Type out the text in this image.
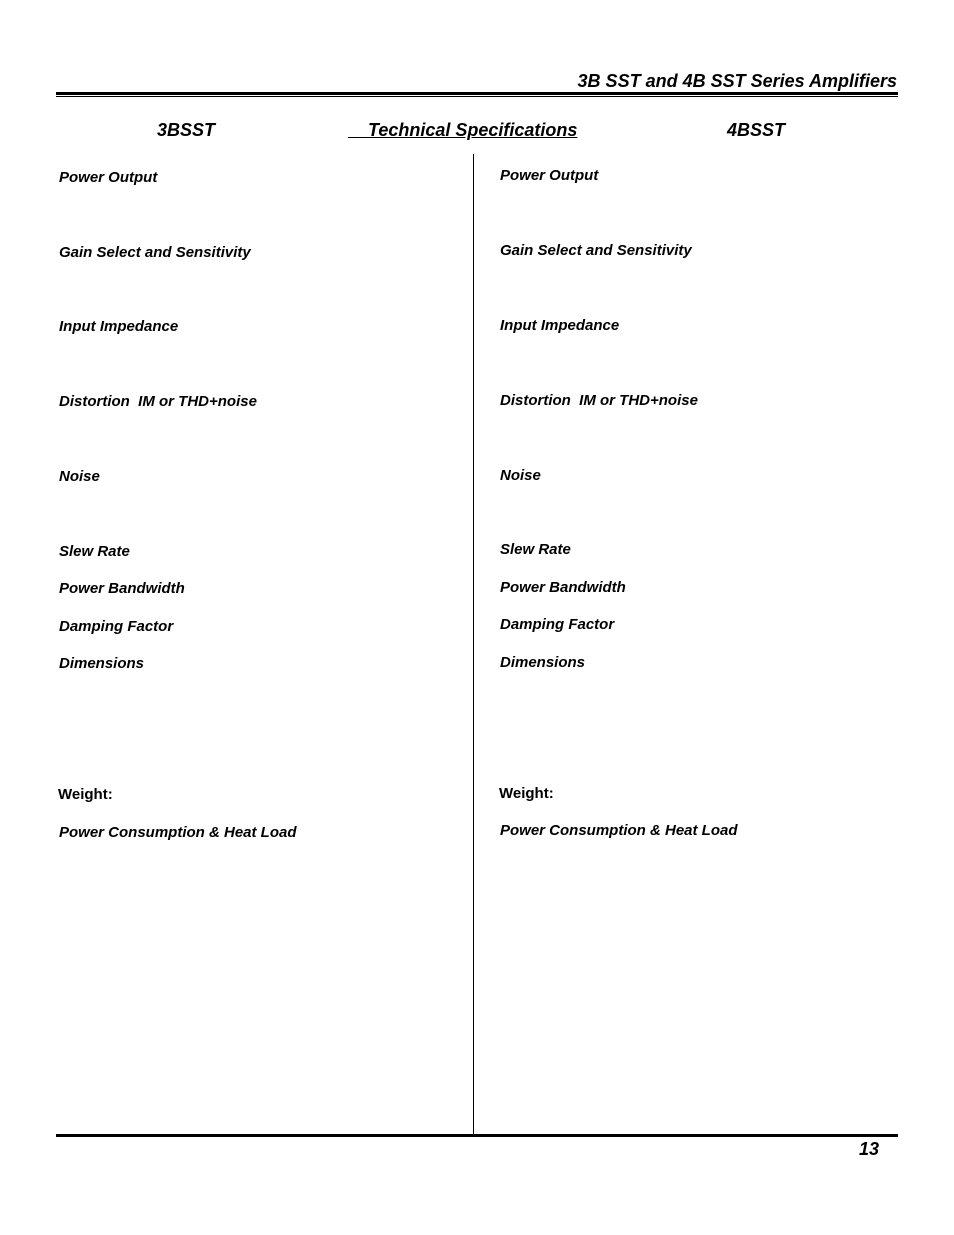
3B SST and 4B SST Series Amplifiers
3BSST	Technical Specifications	4BSST
Power Output
Gain Select and Sensitivity
Input Impedance
Distortion  IM or THD+noise
Noise
Slew Rate
Power Bandwidth
Damping Factor
Dimensions
Weight:
Power Consumption & Heat Load
Power Output
Gain Select and Sensitivity
Input Impedance
Distortion  IM or THD+noise
Noise
Slew Rate
Power Bandwidth
Damping Factor
Dimensions
Weight:
Power Consumption & Heat Load
13
